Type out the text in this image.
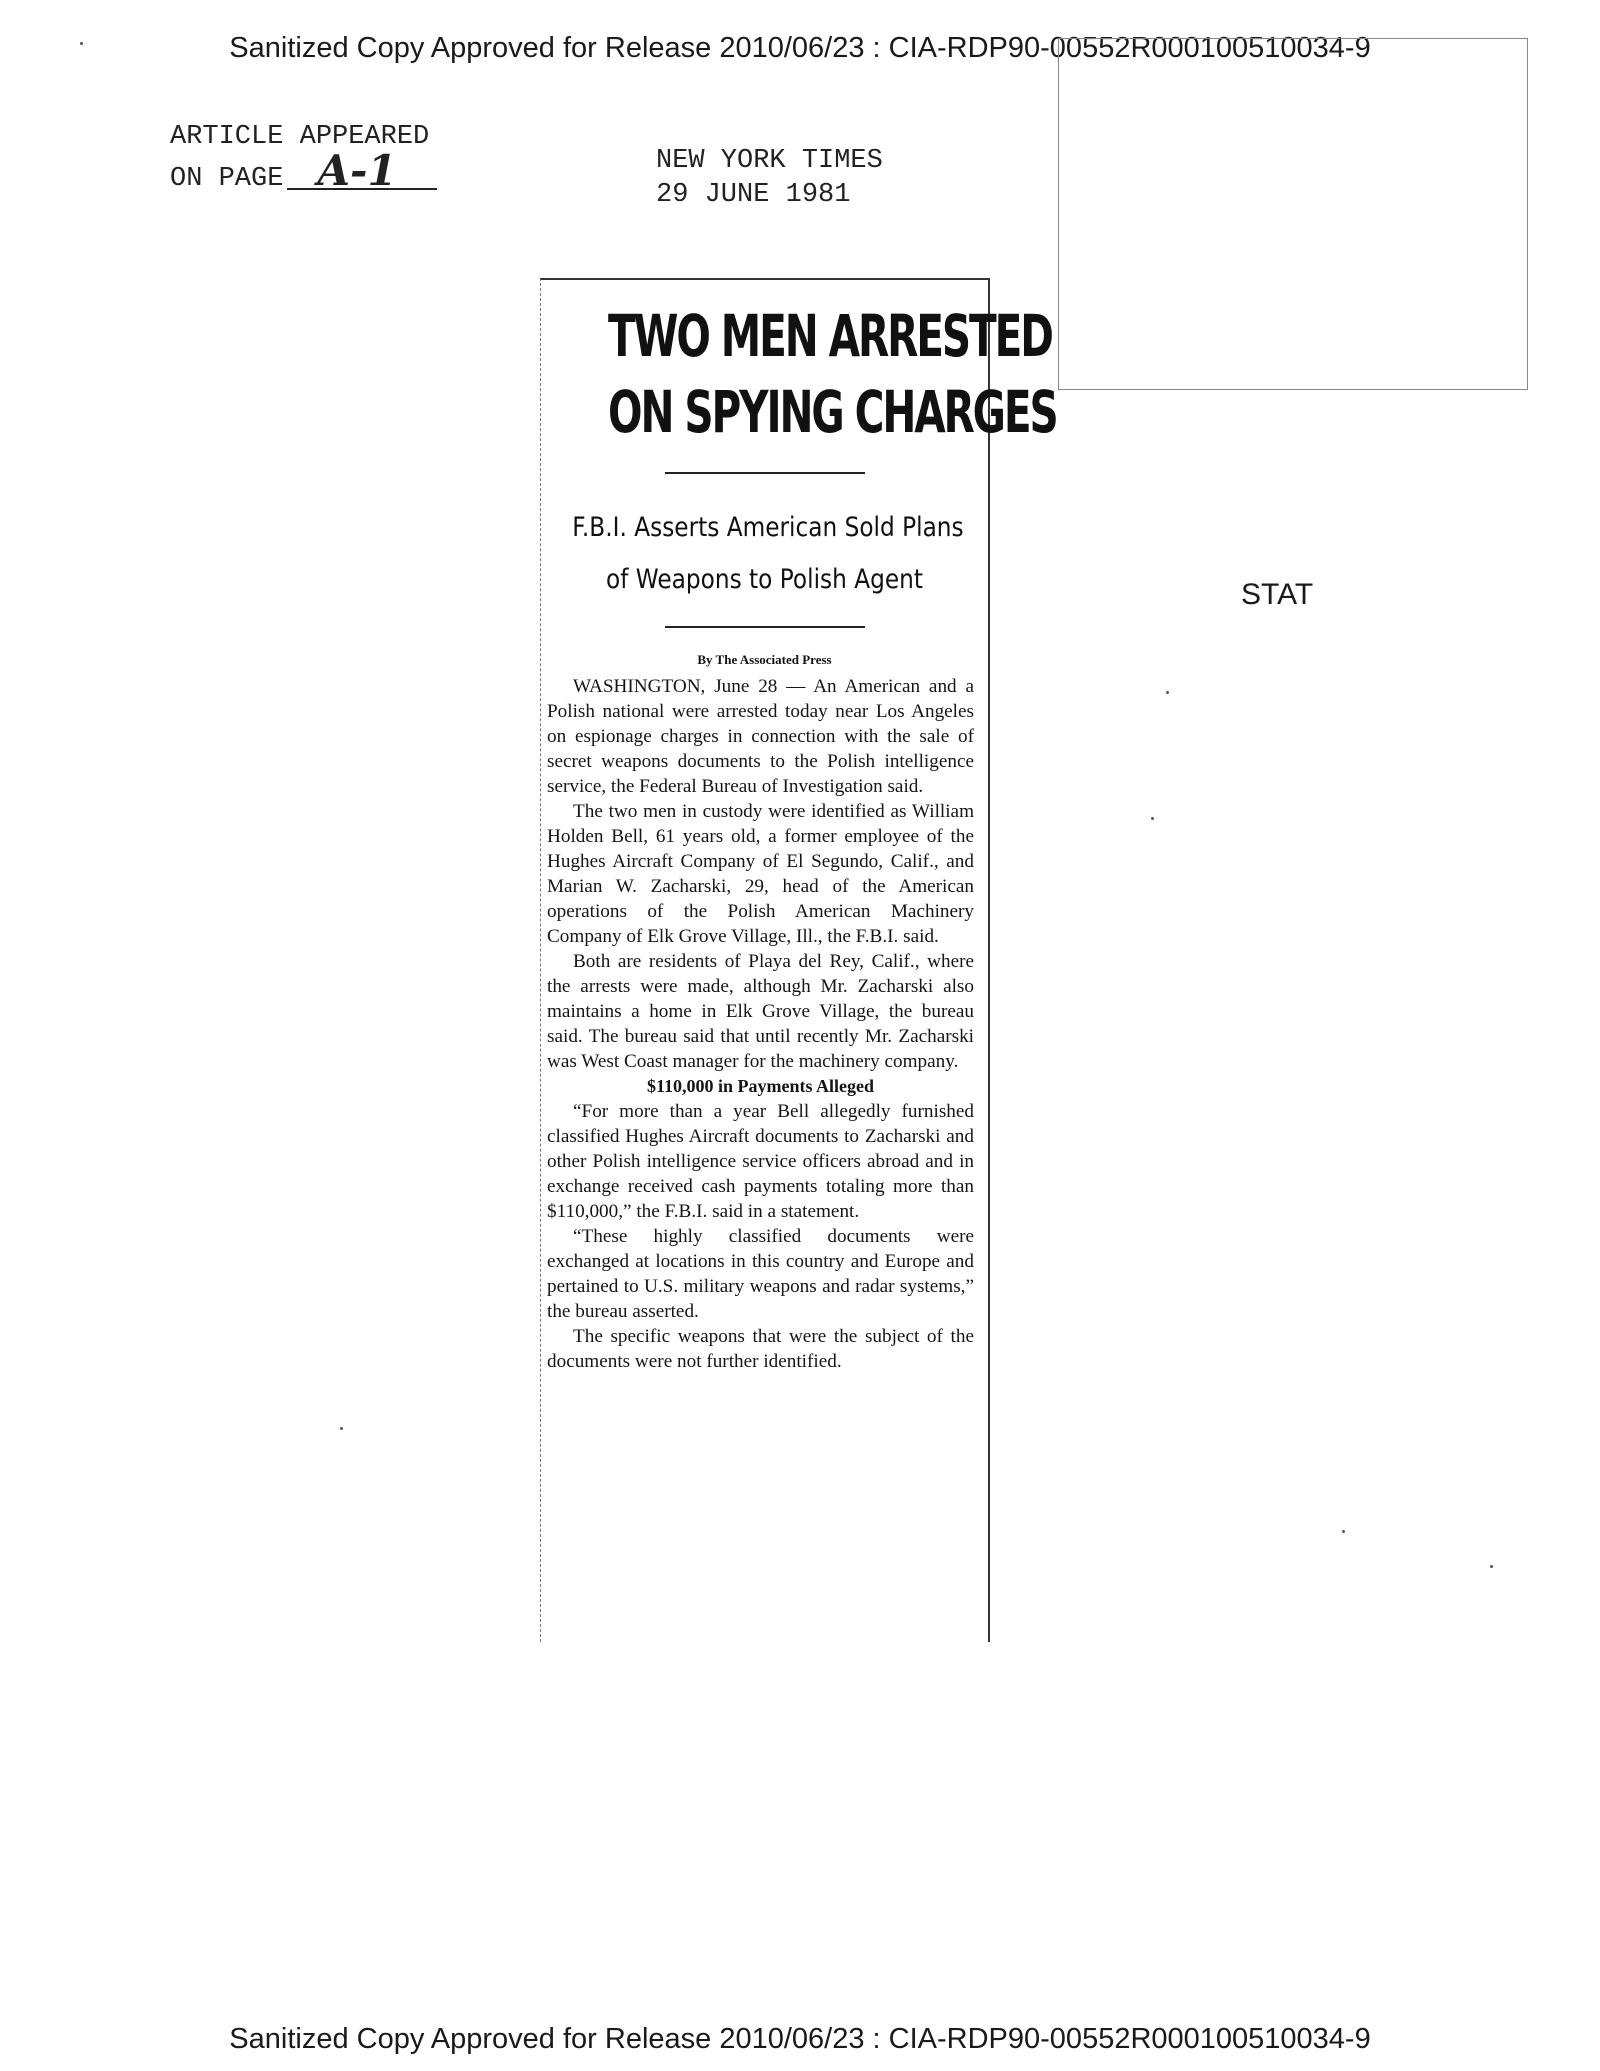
Sanitized Copy Approved for Release 2010/06/23 : CIA-RDP90-00552R000100510034-9
ARTICLE APPEARED
ON PAGE A-1	NEW YORK TIMES
29 JUNE 1981
STAT
TWO MEN ARRESTED
ON SPYING CHARGES
F.B.I. Asserts American Sold Plans
of Weapons to Polish Agent
By The Associated Press

WASHINGTON, June 28 — An American and a Polish national were arrested today near Los Angeles on espionage charges in connection with the sale of secret weapons documents to the Polish intelligence service, the Federal Bureau of Investigation said.

The two men in custody were identified as William Holden Bell, 61 years old, a former employee of the Hughes Aircraft Company of El Segundo, Calif., and Marian W. Zacharski, 29, head of the American operations of the Polish American Machinery Company of Elk Grove Village, Ill., the F.B.I. said.

Both are residents of Playa del Rey, Calif., where the arrests were made, although Mr. Zacharski also maintains a home in Elk Grove Village, the bureau said. The bureau said that until recently Mr. Zacharski was West Coast manager for the machinery company.

$110,000 in Payments Alleged

“For more than a year Bell allegedly furnished classified Hughes Aircraft documents to Zacharski and other Polish intelligence service officers abroad and in exchange received cash payments totaling more than $110,000,” the F.B.I. said in a statement.

“These highly classified documents were exchanged at locations in this country and Europe and pertained to U.S. military weapons and radar systems,” the bureau asserted.

The specific weapons that were the subject of the documents were not further identified.

Sanitized Copy Approved for Release 2010/06/23 : CIA-RDP90-00552R000100510034-9
